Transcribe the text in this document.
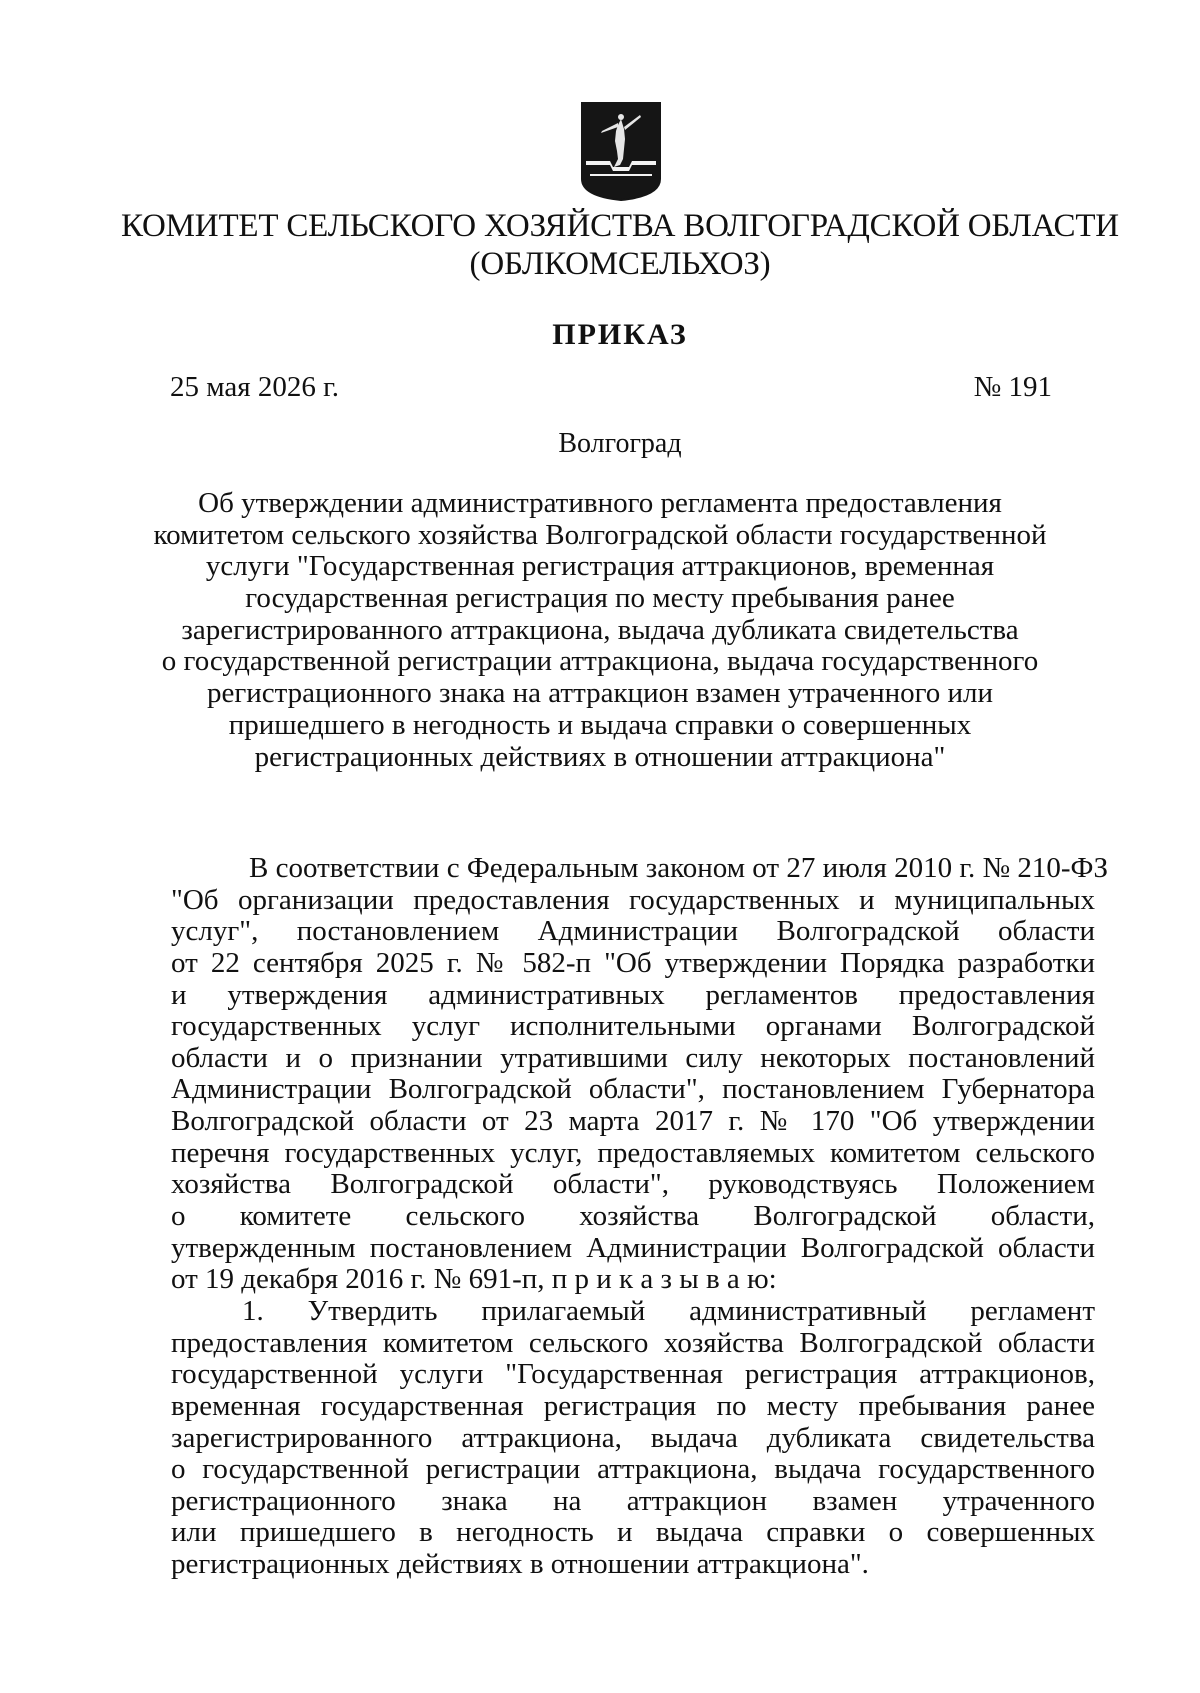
КОМИТЕТ СЕЛЬСКОГО ХОЗЯЙСТВА ВОЛГОГРАДСКОЙ ОБЛАСТИ
(ОБЛКОМСЕЛЬХОЗ)
ПРИКАЗ
25 мая 2026 г.	№ 191
Волгоград
Об утверждении административного регламента предоставления
комитетом сельского хозяйства Волгоградской области государственной
услуги "Государственная регистрация аттракционов, временная
государственная регистрация по месту пребывания ранее
зарегистрированного аттракциона, выдача дубликата свидетельства
о государственной регистрации аттракциона, выдача государственного
регистрационного знака на аттракцион взамен утраченного или
пришедшего в негодность и выдача справки о совершенных
регистрационных действиях в отношении аттракциона"
В соответствии с Федеральным законом от 27 июля 2010 г. № 210-ФЗ
"Об организации предоставления государственных и муниципальных
услуг", постановлением Администрации Волгоградской области
от 22 сентября 2025 г. № 582-п "Об утверждении Порядка разработки
и утверждения административных регламентов предоставления
государственных услуг исполнительными органами Волгоградской
области и о признании утратившими силу некоторых постановлений
Администрации Волгоградской области", постановлением Губернатора
Волгоградской области от 23 марта 2017 г. № 170 "Об утверждении
перечня государственных услуг, предоставляемых комитетом сельского
хозяйства Волгоградской области", руководствуясь Положением
о комитете сельского хозяйства Волгоградской области,
утвержденным постановлением Администрации Волгоградской области
от 19 декабря 2016 г. № 691-п, п р и к а з ы в а ю:
1. Утвердить прилагаемый административный регламент
предоставления комитетом сельского хозяйства Волгоградской области
государственной услуги "Государственная регистрация аттракционов,
временная государственная регистрация по месту пребывания ранее
зарегистрированного аттракциона, выдача дубликата свидетельства
о государственной регистрации аттракциона, выдача государственного
регистрационного знака на аттракцион взамен утраченного
или пришедшего в негодность и выдача справки о совершенных
регистрационных действиях в отношении аттракциона".
